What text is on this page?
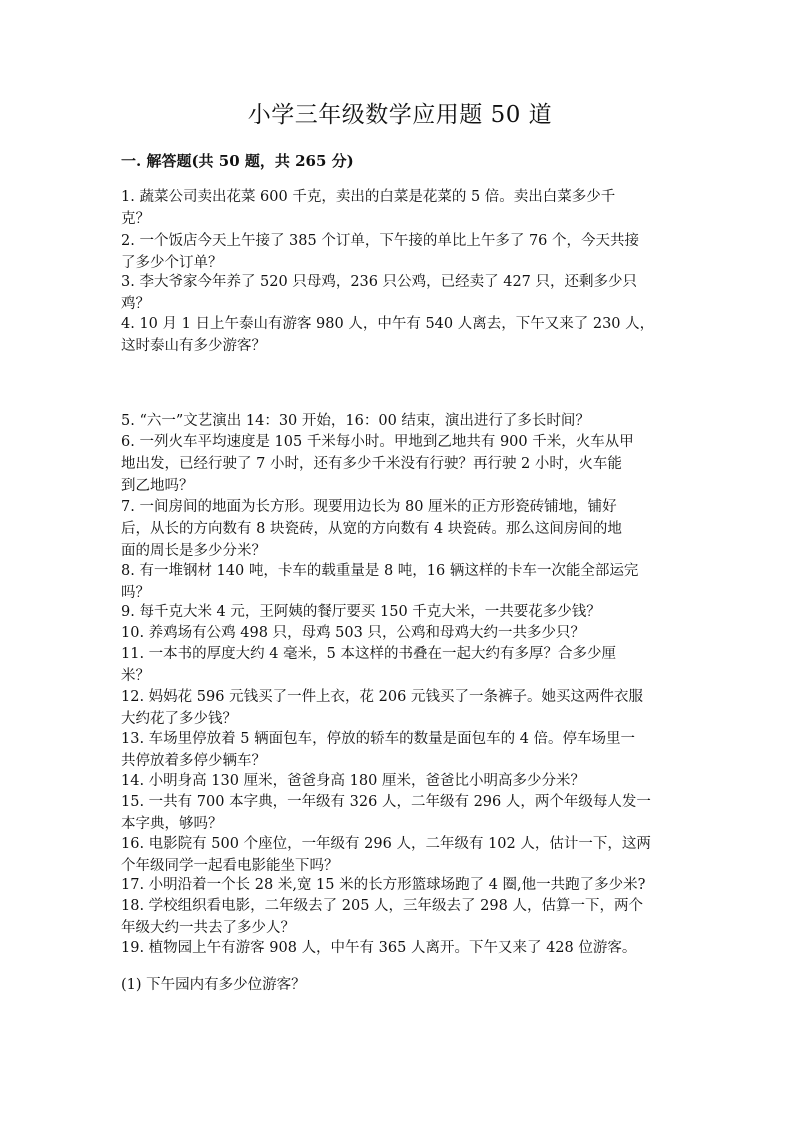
小学三年级数学应用题 50 道
一. 解答题(共 50 题，共 265 分)
1. 蔬菜公司卖出花菜 600 千克，卖出的白菜是花菜的 5 倍。卖出白菜多少千
克？
2. 一个饭店今天上午接了 385 个订单，下午接的单比上午多了 76 个，今天共接
了多少个订单？
3. 李大爷家今年养了 520 只母鸡，236 只公鸡，已经卖了 427 只，还剩多少只
鸡？
4. 10 月 1 日上午泰山有游客 980 人，中午有 540 人离去，下午又来了 230 人，
这时泰山有多少游客？
5. “六一”文艺演出 14：30 开始，16：00 结束，演出进行了多长时间？
6. 一列火车平均速度是 105 千米每小时。甲地到乙地共有 900 千米，火车从甲
地出发，已经行驶了 7 小时，还有多少千米没有行驶？再行驶 2 小时，火车能
到乙地吗？
7. 一间房间的地面为长方形。现要用边长为 80 厘米的正方形瓷砖铺地，铺好
后，从长的方向数有 8 块瓷砖，从宽的方向数有 4 块瓷砖。那么这间房间的地
面的周长是多少分米？
8. 有一堆钢材 140 吨，卡车的载重量是 8 吨，16 辆这样的卡车一次能全部运完
吗？
9. 每千克大米 4 元，王阿姨的餐厅要买 150 千克大米，一共要花多少钱？
10. 养鸡场有公鸡 498 只，母鸡 503 只，公鸡和母鸡大约一共多少只？
11. 一本书的厚度大约 4 毫米，5 本这样的书叠在一起大约有多厚？合多少厘
米？
12. 妈妈花 596 元钱买了一件上衣，花 206 元钱买了一条裤子。她买这两件衣服
大约花了多少钱？
13. 车场里停放着 5 辆面包车，停放的轿车的数量是面包车的 4 倍。停车场里一
共停放着多停少辆车？
14. 小明身高 130 厘米，爸爸身高 180 厘米，爸爸比小明高多少分米？
15. 一共有 700 本字典，一年级有 326 人，二年级有 296 人，两个年级每人发一
本字典，够吗？
16. 电影院有 500 个座位，一年级有 296 人，二年级有 102 人，估计一下，这两
个年级同学一起看电影能坐下吗？
17. 小明沿着一个长 28 米,宽 15 米的长方形篮球场跑了 4 圈,他一共跑了多少米?
18. 学校组织看电影，二年级去了 205 人，三年级去了 298 人，估算一下，两个
年级大约一共去了多少人？
19. 植物园上午有游客 908 人，中午有 365 人离开。下午又来了 428 位游客。
(1) 下午园内有多少位游客？
